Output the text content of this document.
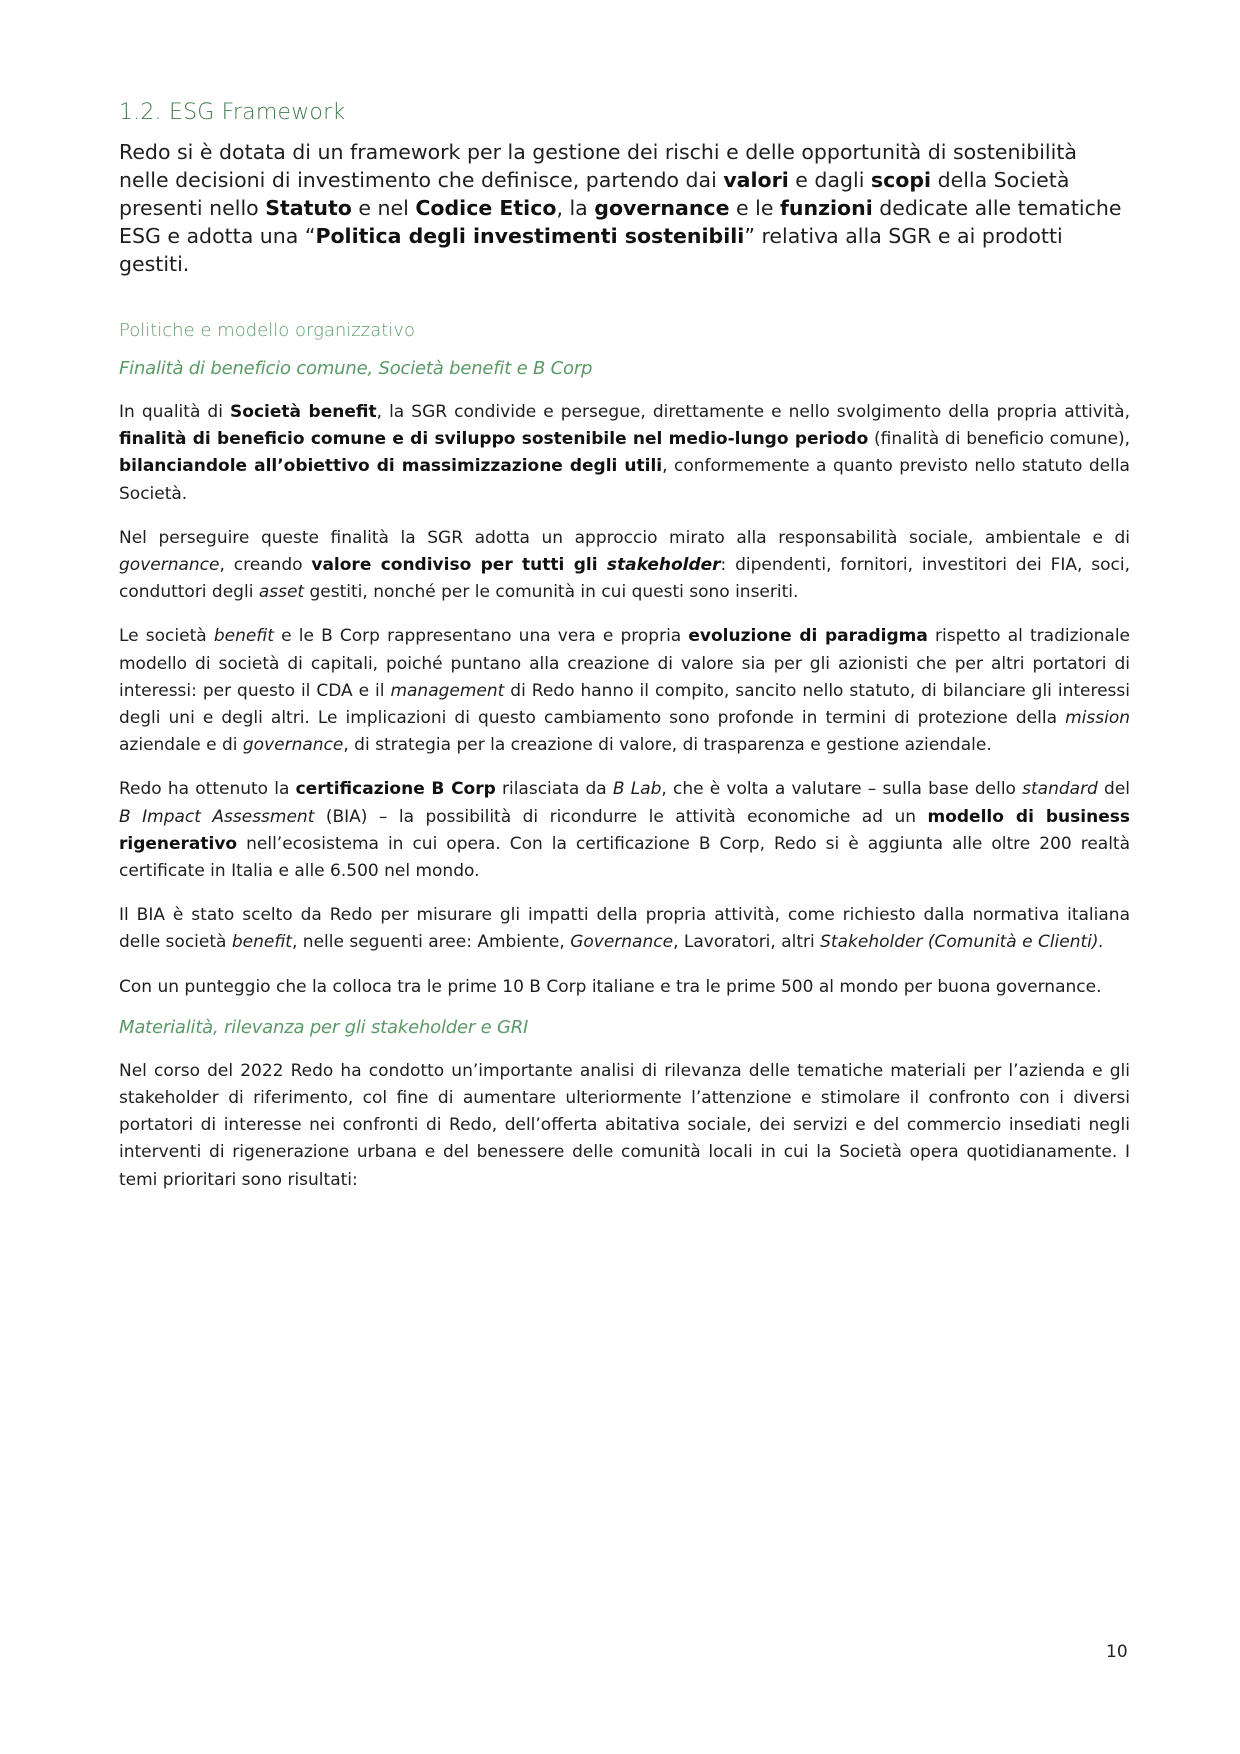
1.2. ESG Framework

Redo si è dotata di un framework per la gestione dei rischi e delle opportunità di sostenibilità nelle decisioni di investimento che definisce, partendo dai valori e dagli scopi della Società presenti nello Statuto e nel Codice Etico, la governance e le funzioni dedicate alle tematiche ESG e adotta una “Politica degli investimenti sostenibili” relativa alla SGR e ai prodotti gestiti.

Politiche e modello organizzativo
Finalità di beneficio comune, Società benefit e B Corp

In qualità di Società benefit, la SGR condivide e persegue, direttamente e nello svolgimento della propria attività, finalità di beneficio comune e di sviluppo sostenibile nel medio-lungo periodo (finalità di beneficio comune), bilanciandole all’obiettivo di massimizzazione degli utili, conformemente a quanto previsto nello statuto della Società.

Nel perseguire queste finalità la SGR adotta un approccio mirato alla responsabilità sociale, ambientale e di governance, creando valore condiviso per tutti gli stakeholder: dipendenti, fornitori, investitori dei FIA, soci, conduttori degli asset gestiti, nonché per le comunità in cui questi sono inseriti.

Le società benefit e le B Corp rappresentano una vera e propria evoluzione di paradigma rispetto al tradizionale modello di società di capitali, poiché puntano alla creazione di valore sia per gli azionisti che per altri portatori di interessi: per questo il CDA e il management di Redo hanno il compito, sancito nello statuto, di bilanciare gli interessi degli uni e degli altri. Le implicazioni di questo cambiamento sono profonde in termini di protezione della mission aziendale e di governance, di strategia per la creazione di valore, di trasparenza e gestione aziendale.

Redo ha ottenuto la certificazione B Corp rilasciata da B Lab, che è volta a valutare – sulla base dello standard del B Impact Assessment (BIA) – la possibilità di ricondurre le attività economiche ad un modello di business rigenerativo nell’ecosistema in cui opera. Con la certificazione B Corp, Redo si è aggiunta alle oltre 200 realtà certificate in Italia e alle 6.500 nel mondo.

Il BIA è stato scelto da Redo per misurare gli impatti della propria attività, come richiesto dalla normativa italiana delle società benefit, nelle seguenti aree: Ambiente, Governance, Lavoratori, altri Stakeholder (Comunità e Clienti).

Con un punteggio che la colloca tra le prime 10 B Corp italiane e tra le prime 500 al mondo per buona governance.

Materialità, rilevanza per gli stakeholder e GRI

Nel corso del 2022 Redo ha condotto un’importante analisi di rilevanza delle tematiche materiali per l’azienda e gli stakeholder di riferimento, col fine di aumentare ulteriormente l’attenzione e stimolare il confronto con i diversi portatori di interesse nei confronti di Redo, dell’offerta abitativa sociale, dei servizi e del commercio insediati negli interventi di rigenerazione urbana e del benessere delle comunità locali in cui la Società opera quotidianamente. I temi prioritari sono risultati:

10
